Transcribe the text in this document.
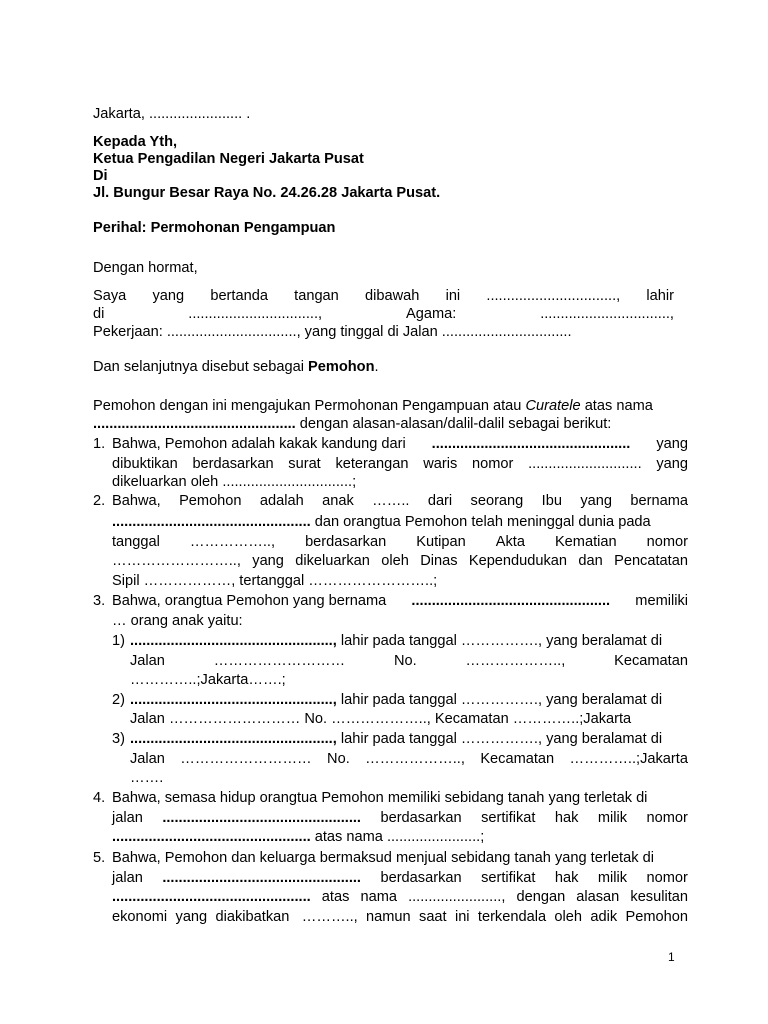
Jakarta, ....................... .
Kepada Yth,
Ketua Pengadilan Negeri Jakarta Pusat
Di
Jl. Bungur Besar Raya No. 24.26.28 Jakarta Pusat.
Perihal: Permohonan Pengampuan
Dengan hormat,
Saya yang bertanda tangan dibawah ini ................................, lahir
di	................................,	Agama:	................................,
Pekerjaan: ................................, yang tinggal di Jalan ................................
Dan selanjutnya disebut sebagai Pemohon.
Pemohon dengan ini mengajukan Permohonan Pengampuan atau Curatele atas nama
.................................................. dengan alasan-alasan/dalil-dalil sebagai berikut:
1. Bahwa, Pemohon adalah kakak kandung dari ................................................. yang
dibuktikan berdasarkan surat keterangan waris nomor ............................ yang
dikeluarkan oleh ................................;
2. Bahwa, Pemohon adalah anak …….. dari seorang Ibu yang bernama
................................................. dan orangtua Pemohon telah meninggal dunia pada
tanggal …………….., berdasarkan Kutipan Akta Kematian nomor
…………………….., yang dikeluarkan oleh Dinas Kependudukan dan Pencatatan
Sipil ………………, tertanggal ……………………..;
3. Bahwa, orangtua Pemohon yang bernama ................................................. memiliki
… orang anak yaitu:
1) .................................................., lahir pada tanggal ……………., yang beralamat di
Jalan	………………………	No.	………………..,	Kecamatan
…………..;Jakarta…….;
2) .................................................., lahir pada tanggal ……………., yang beralamat di
Jalan ……………………… No. ……………….., Kecamatan …………..;Jakarta
3) .................................................., lahir pada tanggal ……………., yang beralamat di
Jalan ……………………… No. ……………….., Kecamatan …………..;Jakarta
…….
4. Bahwa, semasa hidup orangtua Pemohon memiliki sebidang tanah yang terletak di
jalan ................................................. berdasarkan sertifikat hak milik nomor
................................................. atas nama .......................;
5. Bahwa, Pemohon dan keluarga bermaksud menjual sebidang tanah yang terletak di
jalan ................................................. berdasarkan sertifikat hak milik nomor
................................................. atas nama ......................., dengan alasan kesulitan
ekonomi yang diakibatkan ……….., namun saat ini terkendala oleh adik Pemohon
1
